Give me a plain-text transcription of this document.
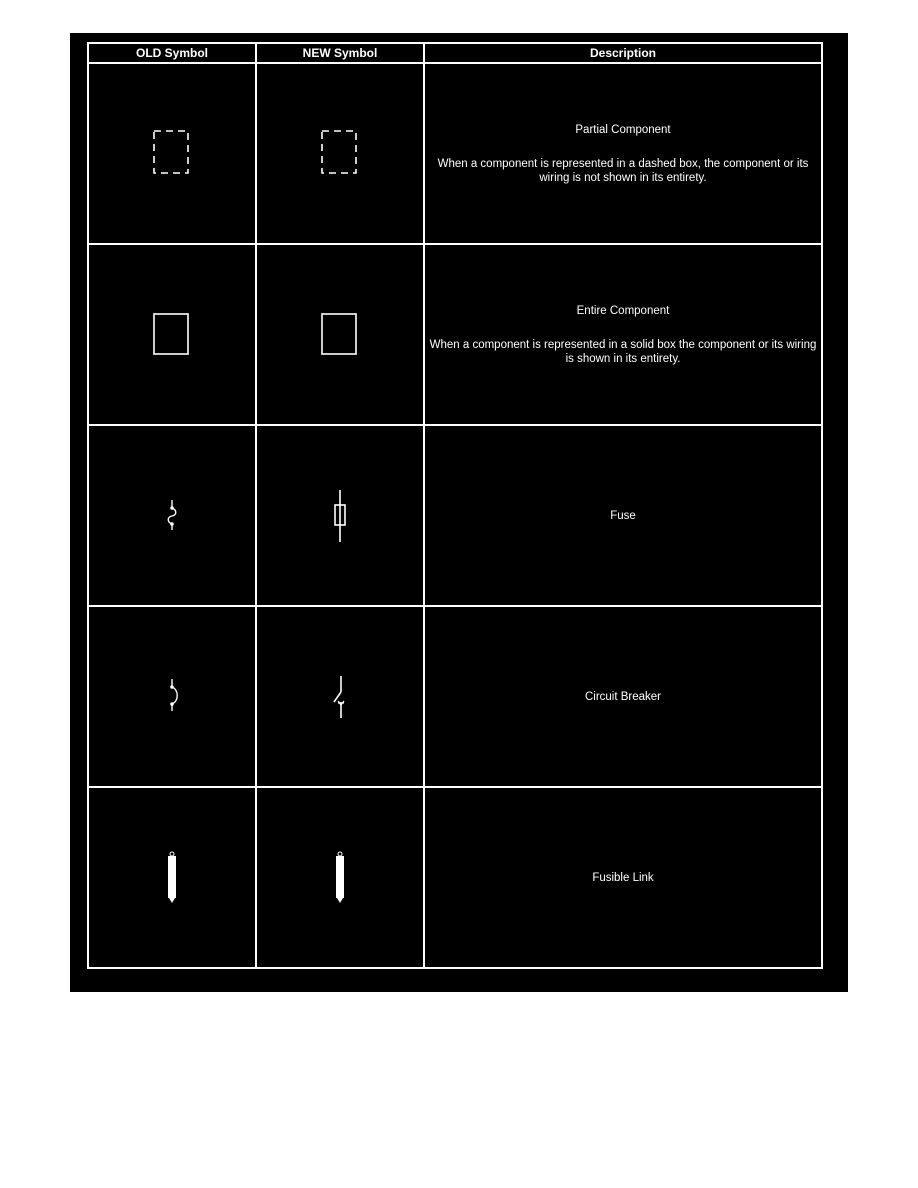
OLD Symbol	NEW Symbol	Description

Partial Component
When a component is represented in a dashed box, the component or its wiring is not shown in its entirety.

Entire Component
When a component is represented in a solid box the component or its wiring is shown in its entirety.

Fuse

Circuit Breaker

Fusible Link
